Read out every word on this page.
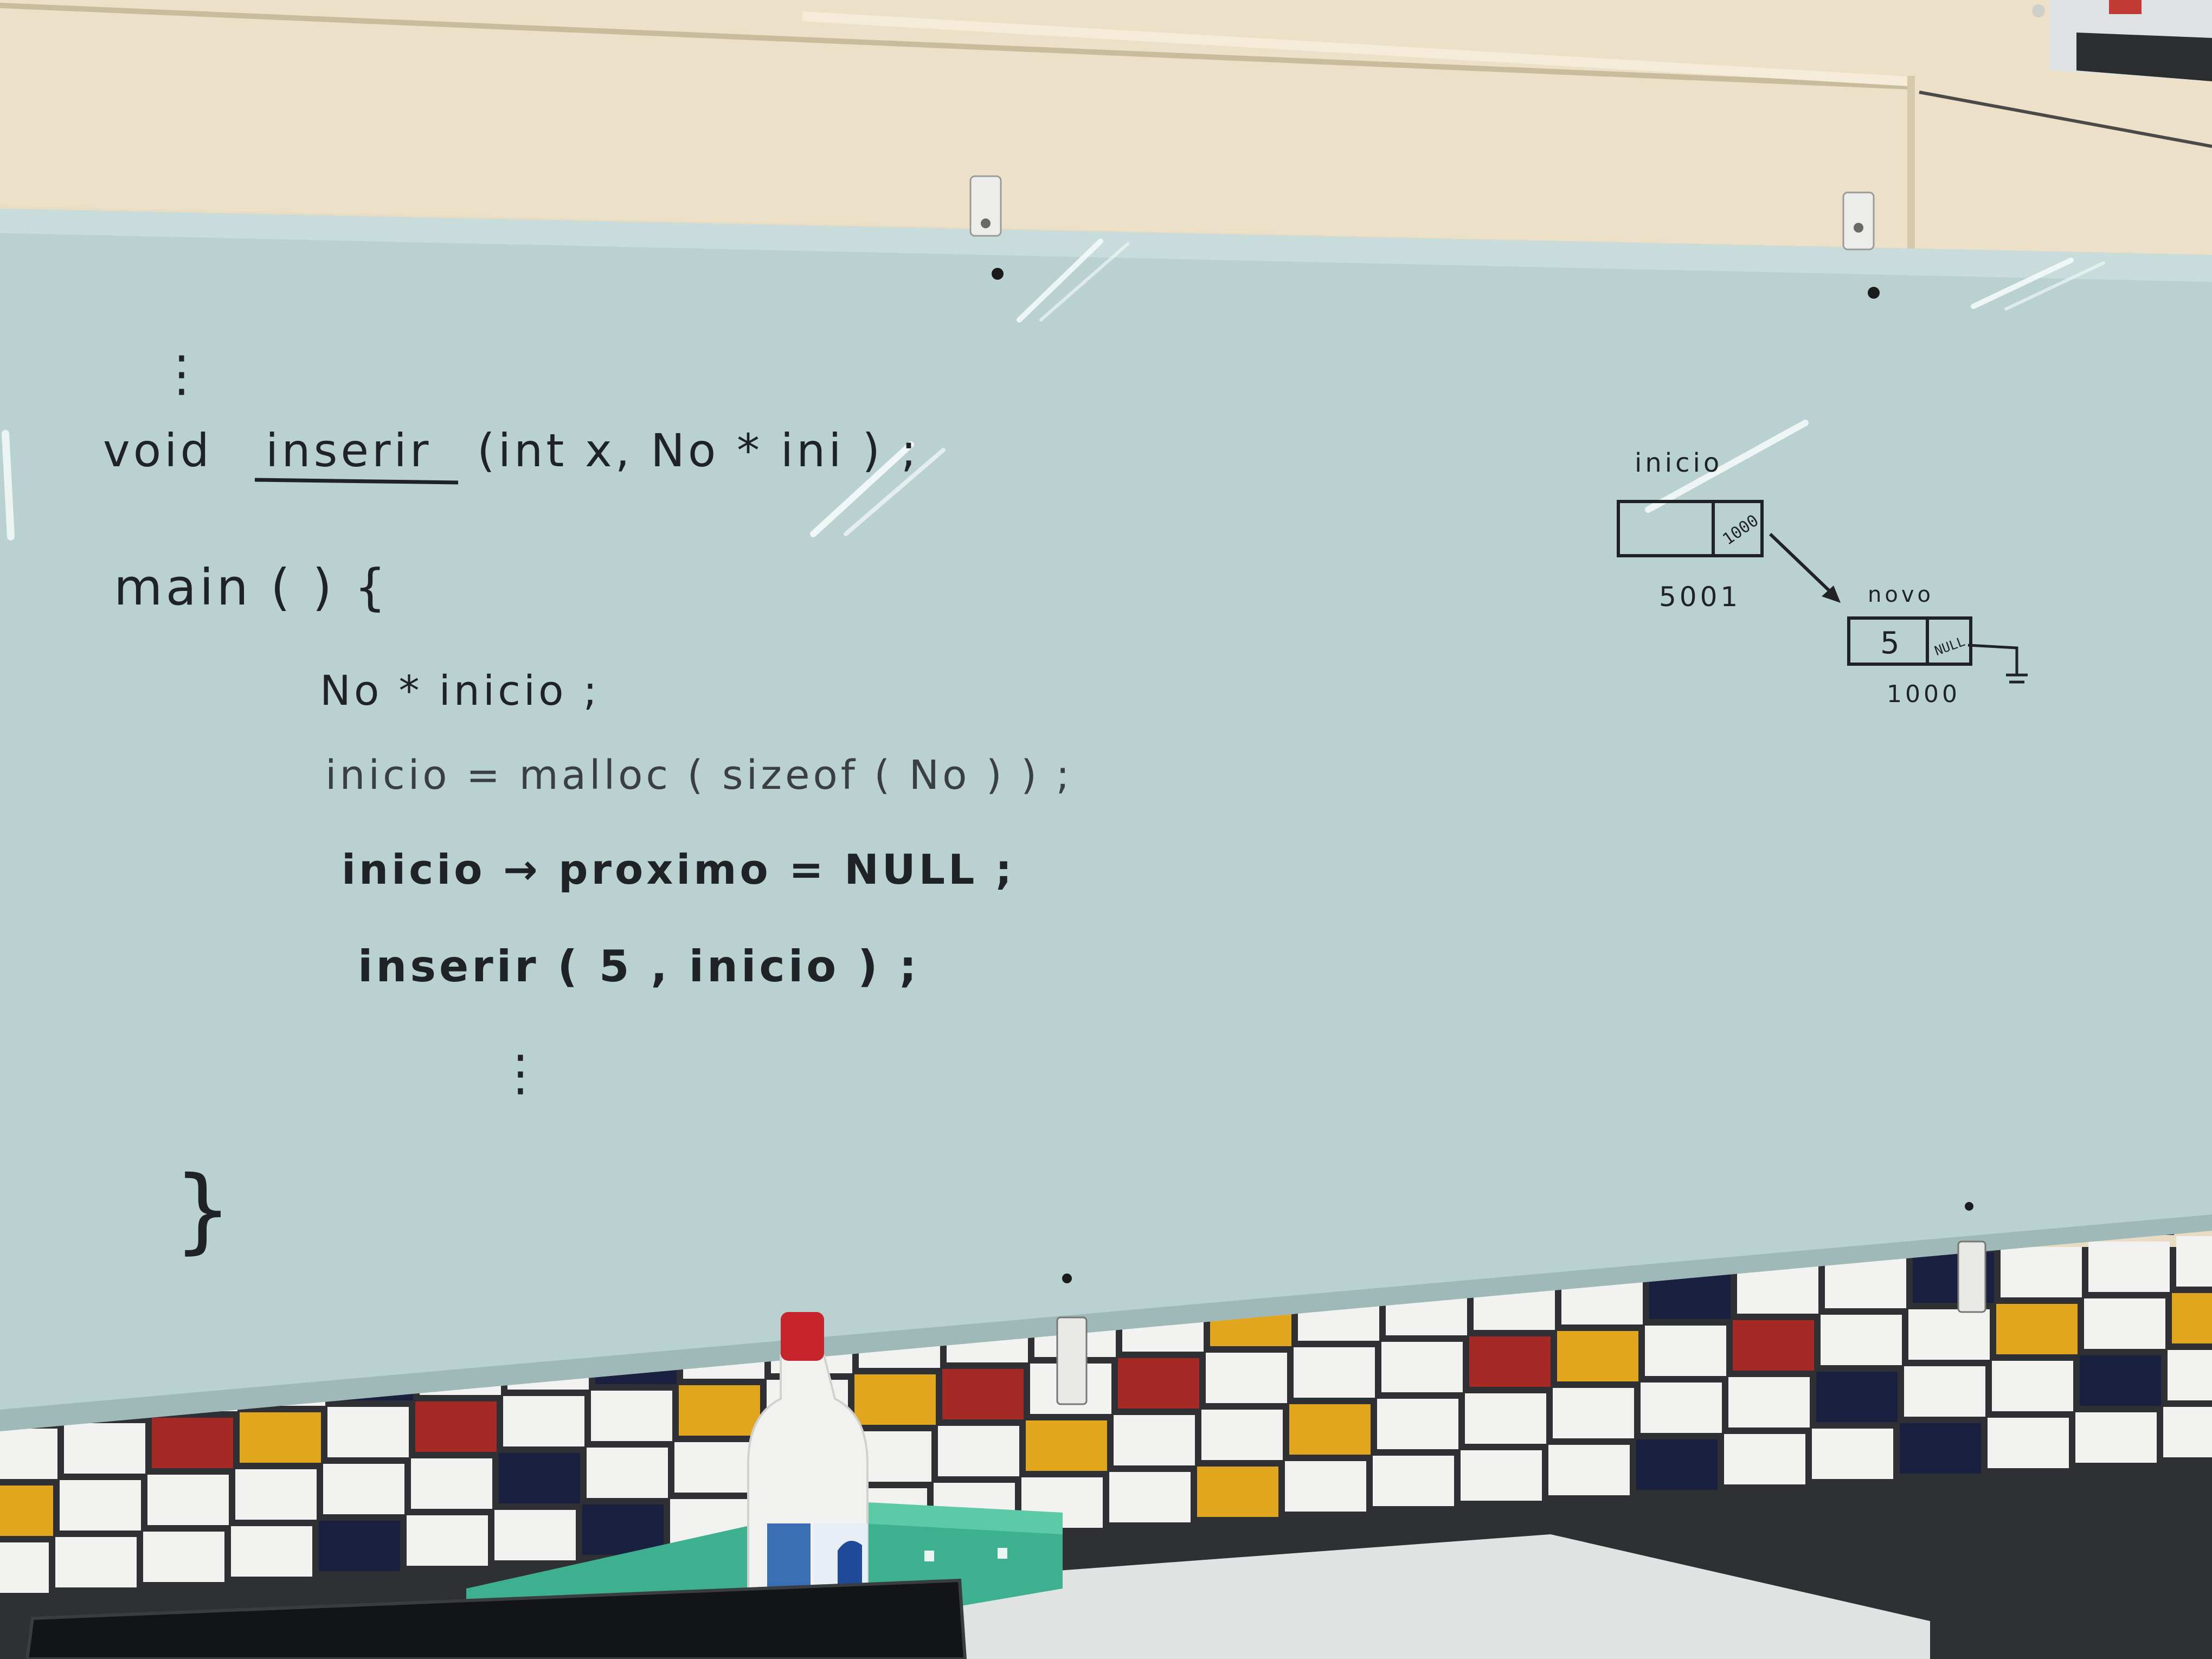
⋮
void inserir (int x, No * ini ) ;
main ( ) {
No * inicio ;
inicio = malloc ( sizeof ( No ) ) ;
inicio → proximo = NULL ;
inserir ( 5 , inicio ) ;
⋮
}
inicio
1000
5001	novo
5 NULL
1000
